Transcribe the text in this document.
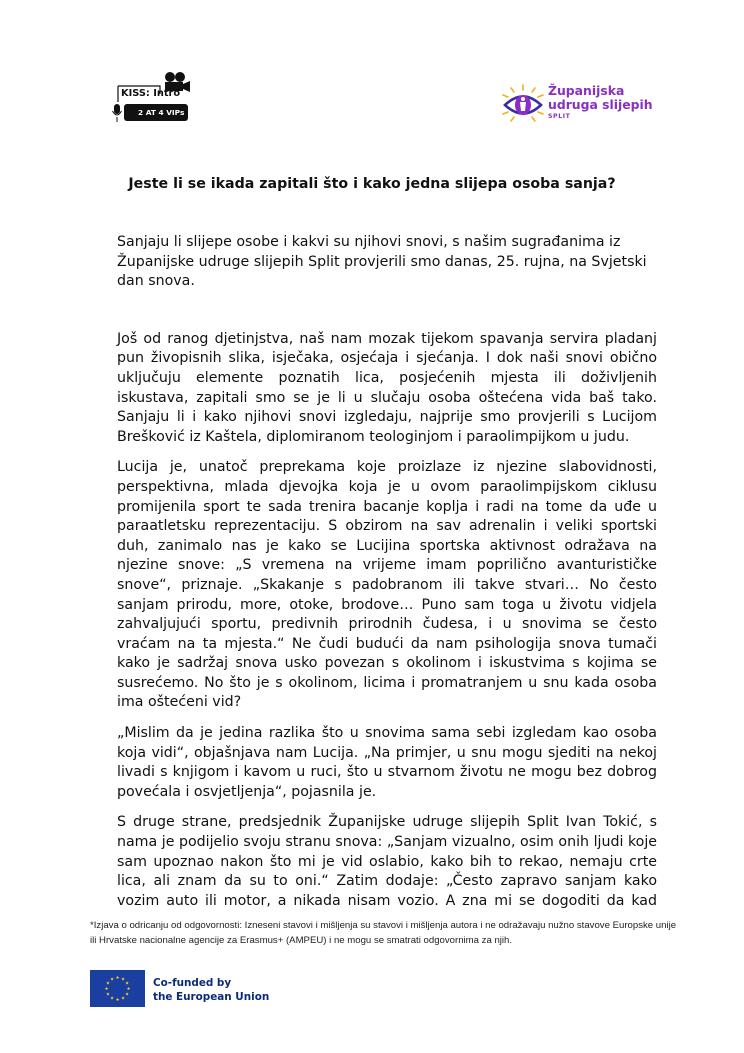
KISS: Intro
2 AT 4 VIPs
Županijska
udruga slijepih
SPLIT
Jeste li se ikada zapitali što i kako jedna slijepa osoba sanja?

Sanjaju li slijepe osobe i kakvi su njihovi snovi, s našim sugrađanima iz Županijske udruge slijepih Split provjerili smo danas, 25. rujna, na Svjetski dan snova.

Još od ranog djetinjstva, naš nam mozak tijekom spavanja servira pladanj pun živopisnih slika, isječaka, osjećaja i sjećanja. I dok naši snovi obično uključuju elemente poznatih lica, posjećenih mjesta ili doživljenih iskustava, zapitali smo se je li u slučaju osoba oštećena vida baš tako. Sanjaju li i kako njihovi snovi izgledaju, najprije smo provjerili s Lucijom Brešković iz Kaštela, diplomiranom teologinjom i paraolimpijkom u judu.

Lucija je, unatoč preprekama koje proizlaze iz njezine slabovidnosti, perspektivna, mlada djevojka koja je u ovom paraolimpijskom ciklusu promijenila sport te sada trenira bacanje koplja i radi na tome da uđe u paraatletsku reprezentaciju. S obzirom na sav adrenalin i veliki sportski duh, zanimalo nas je kako se Lucijina sportska aktivnost odražava na njezine snove: „S vremena na vrijeme imam poprilično avanturističke snove“, priznaje. „Skakanje s padobranom ili takve stvari… No često sanjam prirodu, more, otoke, brodove… Puno sam toga u životu vidjela zahvaljujući sportu, predivnih prirodnih čudesa, i u snovima se često vraćam na ta mjesta.“ Ne čudi budući da nam psihologija snova tumači kako je sadržaj snova usko povezan s okolinom i iskustvima s kojima se susrećemo. No što je s okolinom, licima i promatranjem u snu kada osoba ima oštećeni vid?

„Mislim da je jedina razlika što u snovima sama sebi izgledam kao osoba koja vidi“, objašnjava nam Lucija. „Na primjer, u snu mogu sjediti na nekoj livadi s knjigom i kavom u ruci, što u stvarnom životu ne mogu bez dobrog povećala i osvjetljenja“, pojasnila je.

S druge strane, predsjednik Županijske udruge slijepih Split Ivan Tokić, s nama je podijelio svoju stranu snova: „Sanjam vizualno, osim onih ljudi koje sam upoznao nakon što mi je vid oslabio, kako bih to rekao, nemaju crte lica, ali znam da su to oni.“ Zatim dodaje: „Često zapravo sanjam kako vozim auto ili motor, a nikada nisam vozio. A zna mi se dogoditi da kad

*Izjava o odricanju od odgovornosti: Izneseni stavovi i mišljenja su stavovi i mišljenja autora i ne odražavaju nužno stavove Europske unije ili Hrvatske nacionalne agencije za Erasmus+ (AMPEU) i ne mogu se smatrati odgovornima za njih.
★ ★
★
★
★
★
★
★
★
★
★
★	Co-funded by
the European Union
